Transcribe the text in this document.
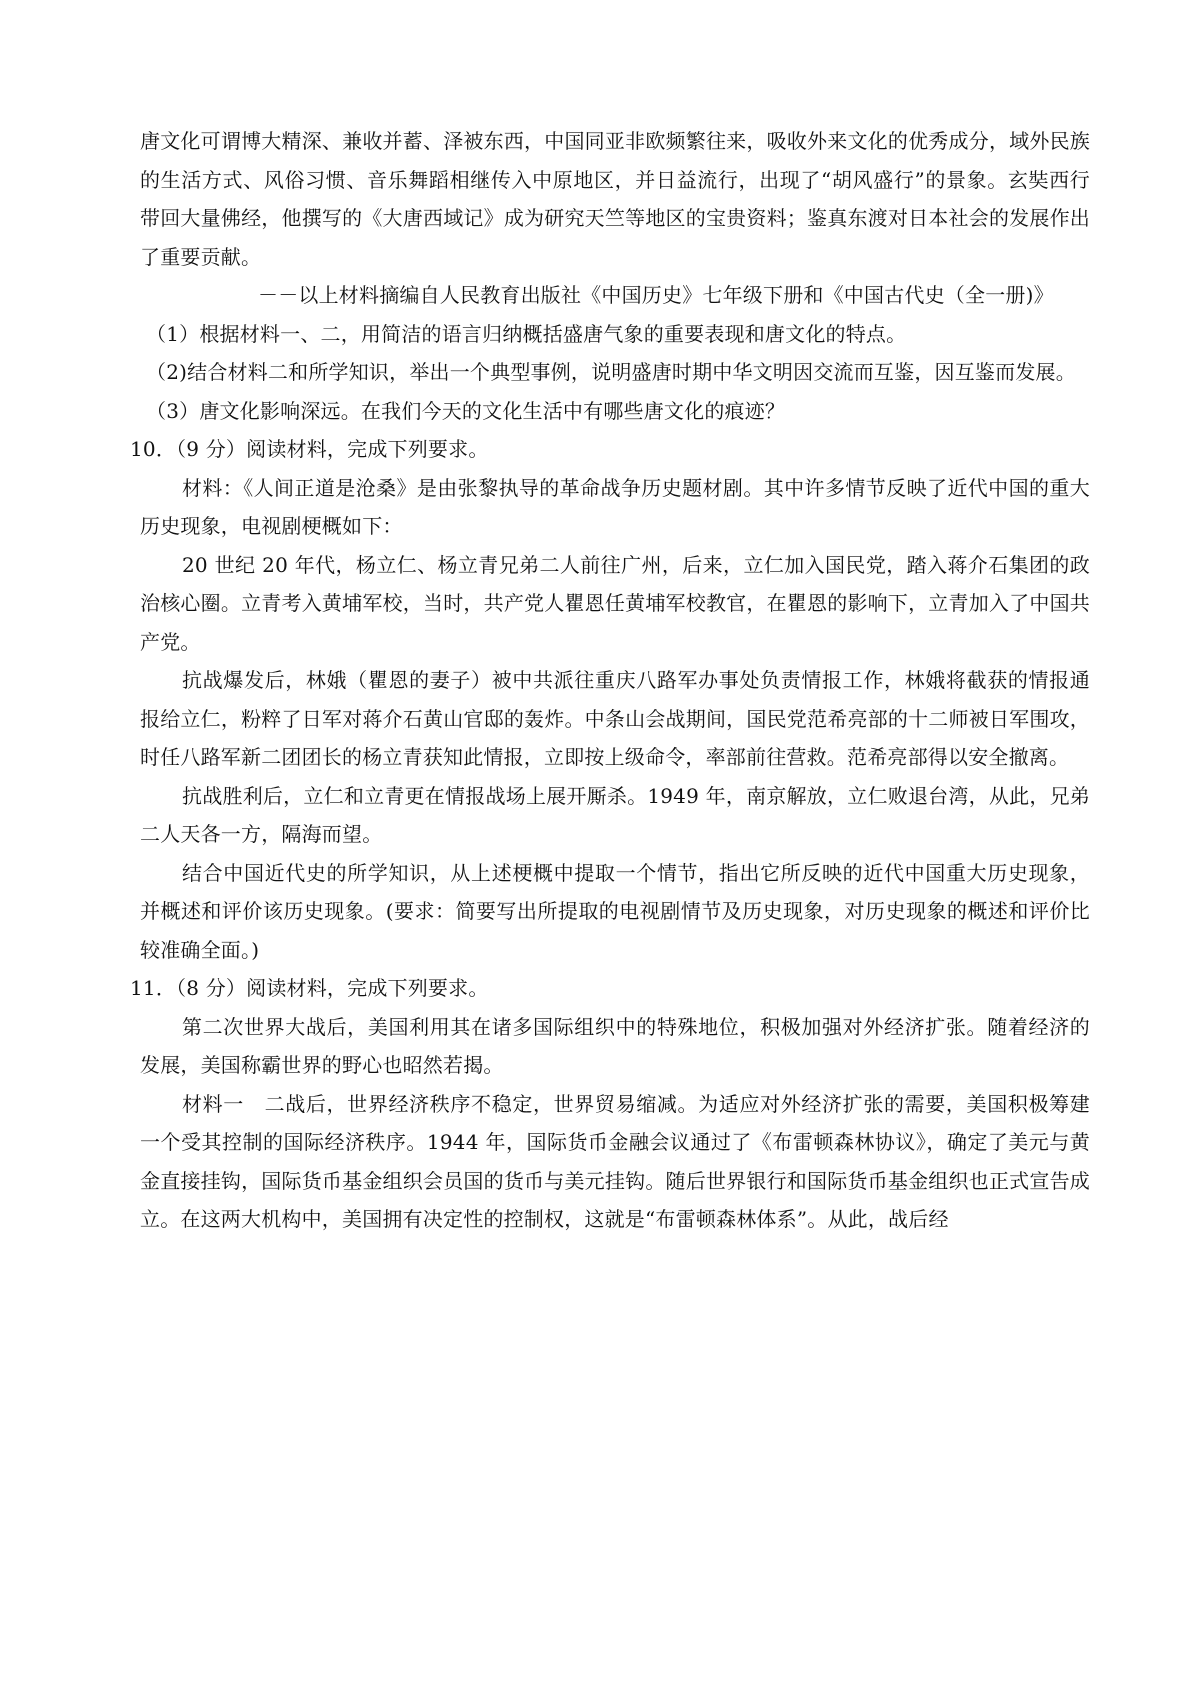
唐文化可谓博大精深、兼收并蓄、泽被东西，中国同亚非欧频繁往来，吸收外来文化的优秀成分，域外民族的生活方式、风俗习惯、音乐舞蹈相继传入中原地区，并日益流行，出现了“胡风盛行”的景象。玄奘西行带回大量佛经，他撰写的《大唐西域记》成为研究天竺等地区的宝贵资料；鉴真东渡对日本社会的发展作出了重要贡献。

－－以上材料摘编自人民教育出版社《中国历史》七年级下册和《中国古代史（全一册)》

（1）根据材料一、二，用简洁的语言归纳概括盛唐气象的重要表现和唐文化的特点。

（2)结合材料二和所学知识，举出一个典型事例，说明盛唐时期中华文明因交流而互鉴，因互鉴而发展。

（3）唐文化影响深远。在我们今天的文化生活中有哪些唐文化的痕迹？

10．（9 分）阅读材料，完成下列要求。

材料：《人间正道是沧桑》是由张黎执导的革命战争历史题材剧。其中许多情节反映了近代中国的重大历史现象，电视剧梗概如下：

20 世纪 20 年代，杨立仁、杨立青兄弟二人前往广州，后来，立仁加入国民党，踏入蒋介石集团的政治核心圈。立青考入黄埔军校，当时，共产党人瞿恩任黄埔军校教官，在瞿恩的影响下，立青加入了中国共产党。

抗战爆发后，林娥（瞿恩的妻子）被中共派往重庆八路军办事处负责情报工作，林娥将截获的情报通报给立仁，粉粹了日军对蒋介石黄山官邸的轰炸。中条山会战期间，国民党范希亮部的十二师被日军围攻，时任八路军新二团团长的杨立青获知此情报，立即按上级命令，率部前往营救。范希亮部得以安全撤离。

抗战胜利后，立仁和立青更在情报战场上展开厮杀。1949 年，南京解放，立仁败退台湾，从此，兄弟二人天各一方，隔海而望。

结合中国近代史的所学知识，从上述梗概中提取一个情节，指出它所反映的近代中国重大历史现象，并概述和评价该历史现象。(要求：简要写出所提取的电视剧情节及历史现象，对历史现象的概述和评价比较准确全面。)

11．（8 分）阅读材料，完成下列要求。

第二次世界大战后，美国利用其在诸多国际组织中的特殊地位，积极加强对外经济扩张。随着经济的发展，美国称霸世界的野心也昭然若揭。

材料一　二战后，世界经济秩序不稳定，世界贸易缩减。为适应对外经济扩张的需要，美国积极筹建一个受其控制的国际经济秩序。1944 年，国际货币金融会议通过了《布雷顿森林协议》，确定了美元与黄金直接挂钩，国际货币基金组织会员国的货币与美元挂钩。随后世界银行和国际货币基金组织也正式宣告成立。在这两大机构中，美国拥有决定性的控制权，这就是“布雷顿森林体系”。从此，战后经
